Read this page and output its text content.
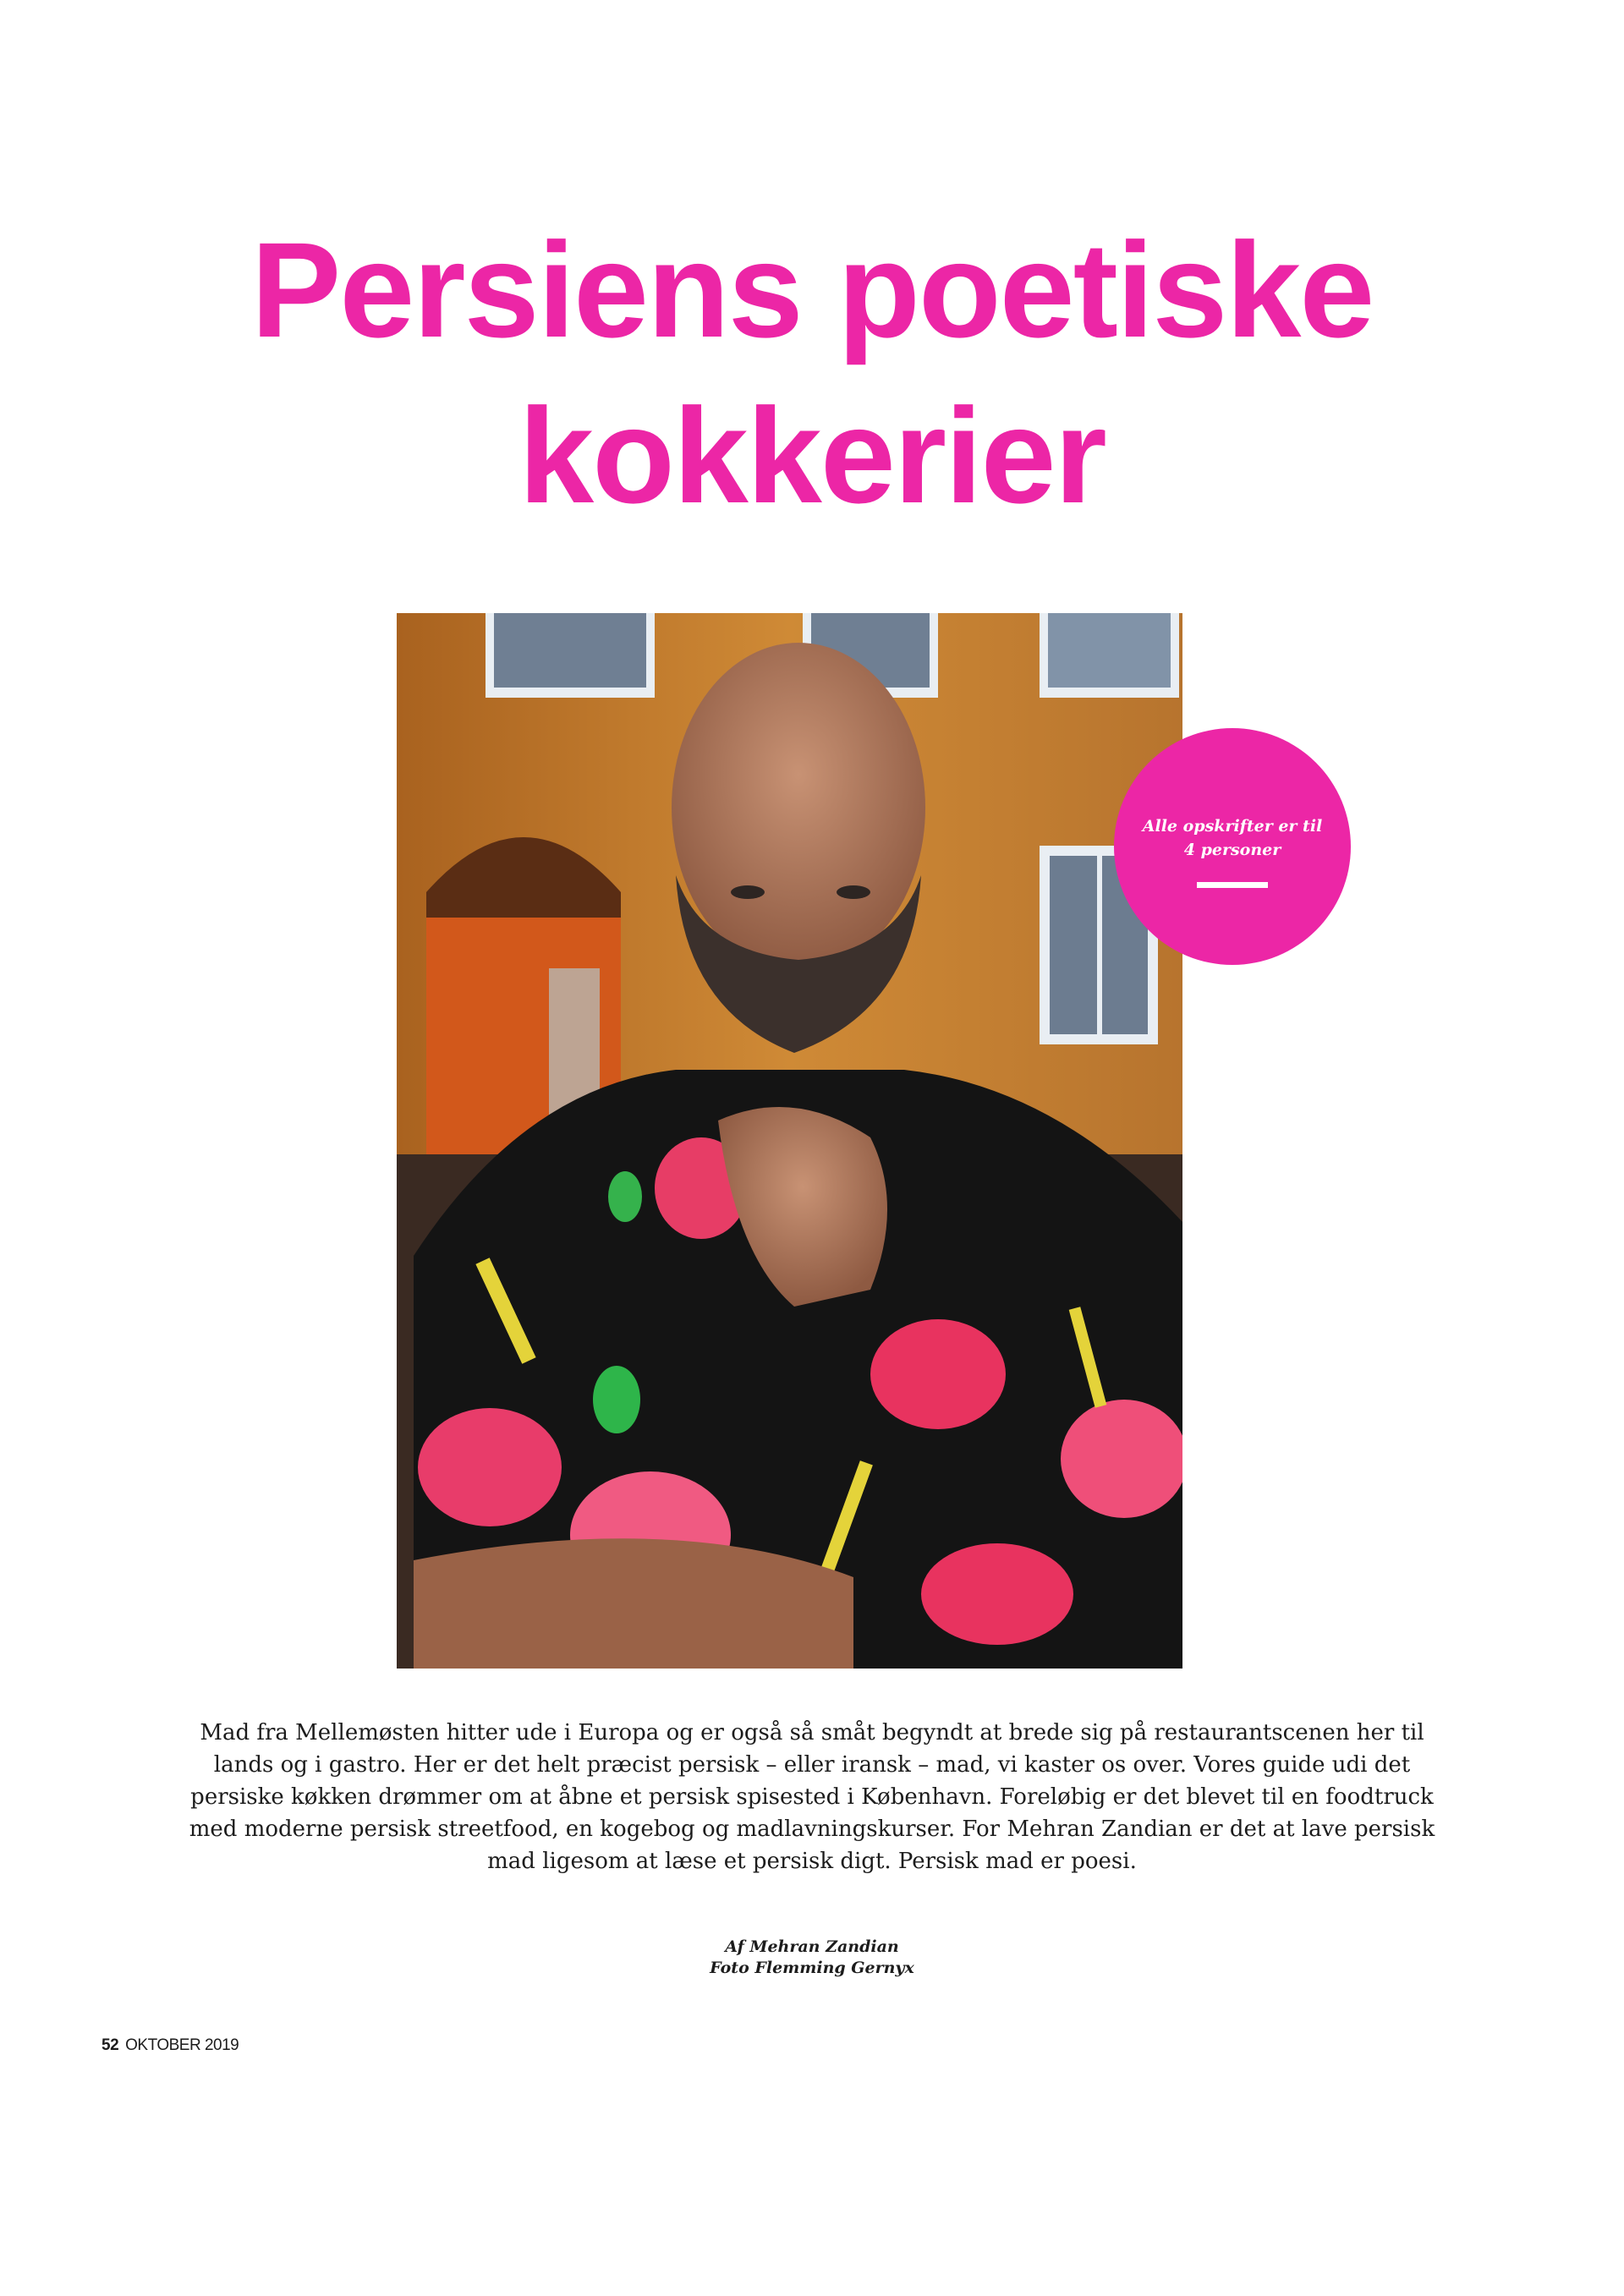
Persiens poetiske
kokkerier
Alle opskrifter er til
4 personer

Mad fra Mellemøsten hitter ude i Europa og er også så småt begyndt at brede sig på restaurantscenen her til lands og i gastro. Her er det helt præcist persisk – eller iransk – mad, vi kaster os over. Vores guide udi det persiske køkken drømmer om at åbne et persisk spisested i København. Foreløbig er det blevet til en foodtruck med moderne persisk streetfood, en kogebog og madlavningskurser. For Mehran Zandian er det at lave persisk mad ligesom at læse et persisk digt. Persisk mad er poesi.

Af Mehran Zandian
Foto Flemming Gernyx
52 OKTOBER 2019
